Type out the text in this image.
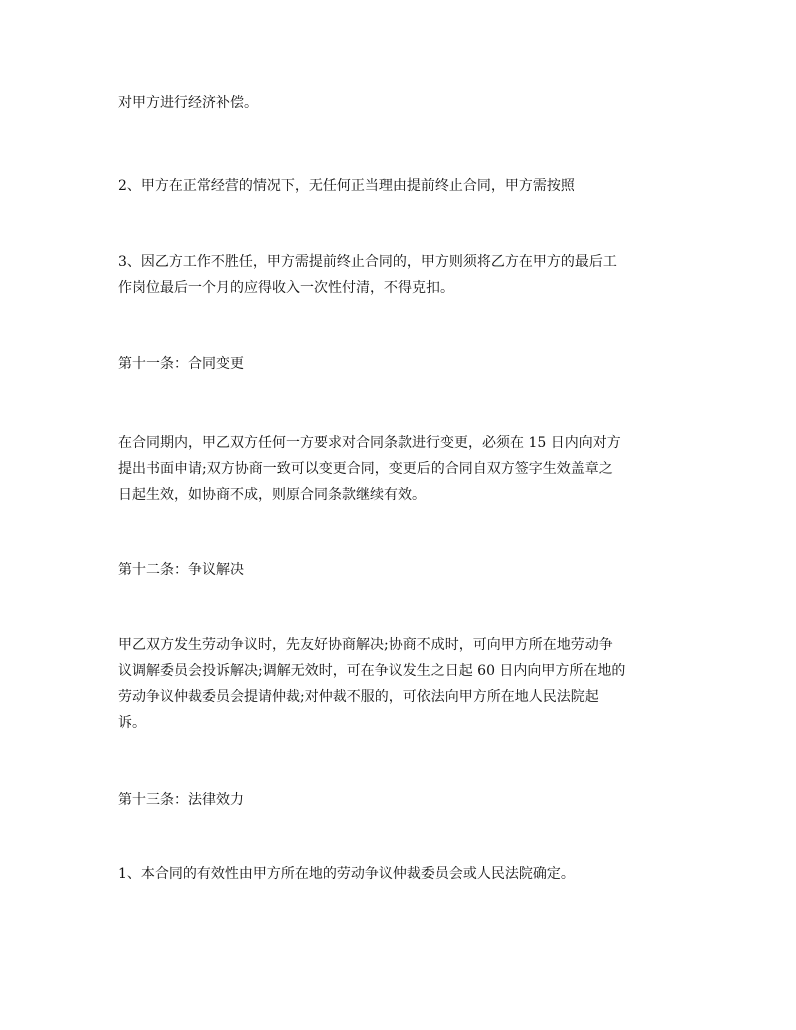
对甲方进行经济补偿。

2、甲方在正常经营的情况下，无任何正当理由提前终止合同，甲方需按照

3、因乙方工作不胜任，甲方需提前终止合同的，甲方则须将乙方在甲方的最后工
作岗位最后一个月的应得收入一次性付清，不得克扣。

第十一条：合同变更

在合同期内，甲乙双方任何一方要求对合同条款进行变更，必须在 15 日内向对方
提出书面申请;双方协商一致可以变更合同，变更后的合同自双方签字生效盖章之
日起生效，如协商不成，则原合同条款继续有效。

第十二条：争议解决

甲乙双方发生劳动争议时，先友好协商解决;协商不成时，可向甲方所在地劳动争
议调解委员会投诉解决;调解无效时，可在争议发生之日起 60 日内向甲方所在地的
劳动争议仲裁委员会提请仲裁;对仲裁不服的，可依法向甲方所在地人民法院起
诉。

第十三条：法律效力

1、本合同的有效性由甲方所在地的劳动争议仲裁委员会或人民法院确定。
